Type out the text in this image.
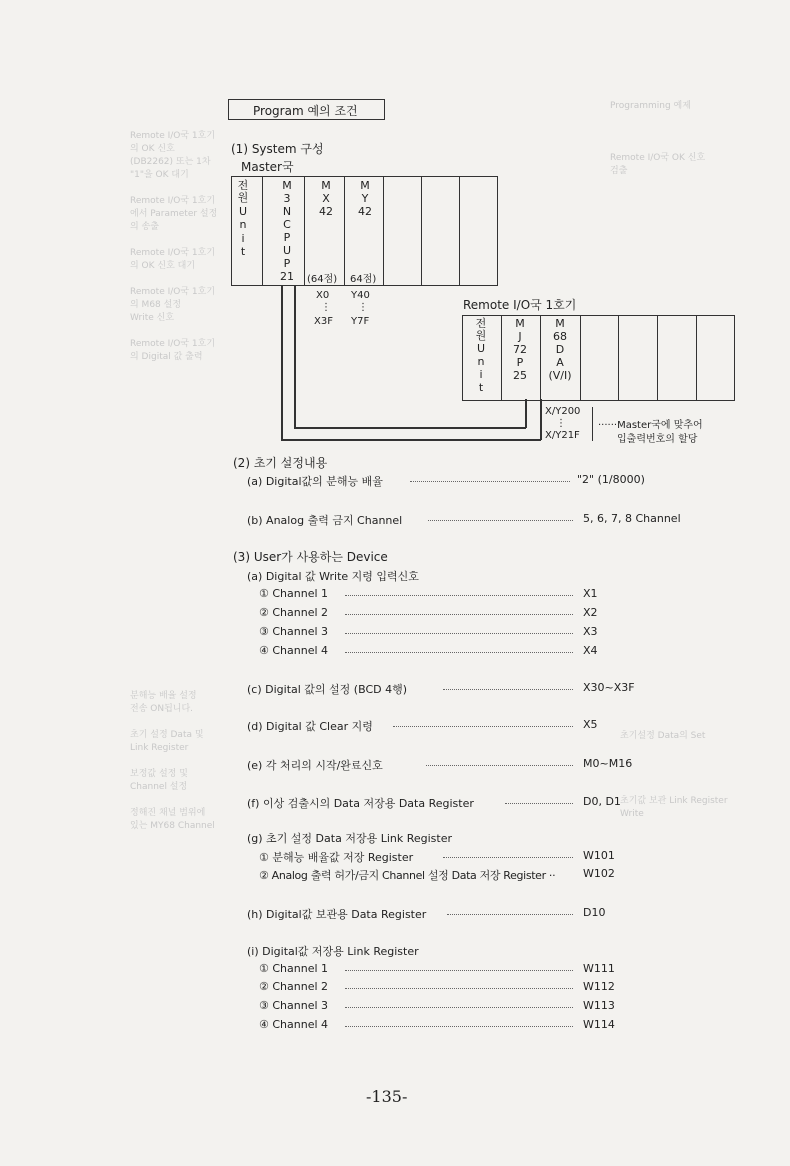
Remote I/O국 1호기
의 OK 신호
(DB2262) 또는 1차
"1"을 OK 대기

Remote I/O국 1호기
에서 Parameter 설정
의 송출

Remote I/O국 1호기
의 OK 신호 대기

Remote I/O국 1호기
의 M68 설정
Write 신호

Remote I/O국 1호기
의 Digital 값 출력
Programming 예제

Remote I/O국 OK 신호
검출
분해능 배율 설정
전송 ON됩니다.

초기 설정 Data 및
Link Register

보정값 설정 및
Channel 설정

정해진 채널 범위에
있는 MY68 Channel
초기설정 Data의 Set

초기값 보관 Link Register Write
Program 예의 조건
(1) System 구성
Master국
전
원
U
n
i
t
M
3
N
C
P
U
P
21
M
X
42
M
Y
42
(64점) 64점)
X0
⋮
X3F
Y40
⋮
Y7F
Remote I/O국 1호기
전
원
U
n
i
t
M
J
72
P
25
M
68
D
A
(V/I)
X/Y200
⋮
X/Y21F
······Master국에 맞추어
입출력번호의 할당
(2) 초기 설정내용
(a) Digital값의 분해능 배율	"2" (1/8000)
(b) Analog 출력 금지 Channel	5, 6, 7, 8 Channel
(3) User가 사용하는 Device
(a) Digital 값 Write 지령 입력신호
① Channel 1	X1
② Channel 2	X2
③ Channel 3	X3
④ Channel 4	X4
(c) Digital 값의 설정 (BCD 4행)	X30~X3F
(d) Digital 값 Clear 지령	X5
(e) 각 처리의 시작/완료신호	M0~M16
(f) 이상 검출시의 Data 저장용 Data Register	D0, D1
(g) 초기 설정 Data 저장용 Link Register
① 분해능 배율값 저장 Register	W101
② Analog 출력 허가/금지 Channel 설정 Data 저장 Register ··	W102
(h) Digital값 보관용 Data Register	D10
(i) Digital값 저장용 Link Register
① Channel 1	W111
② Channel 2	W112
③ Channel 3	W113
④ Channel 4	W114
-135-
